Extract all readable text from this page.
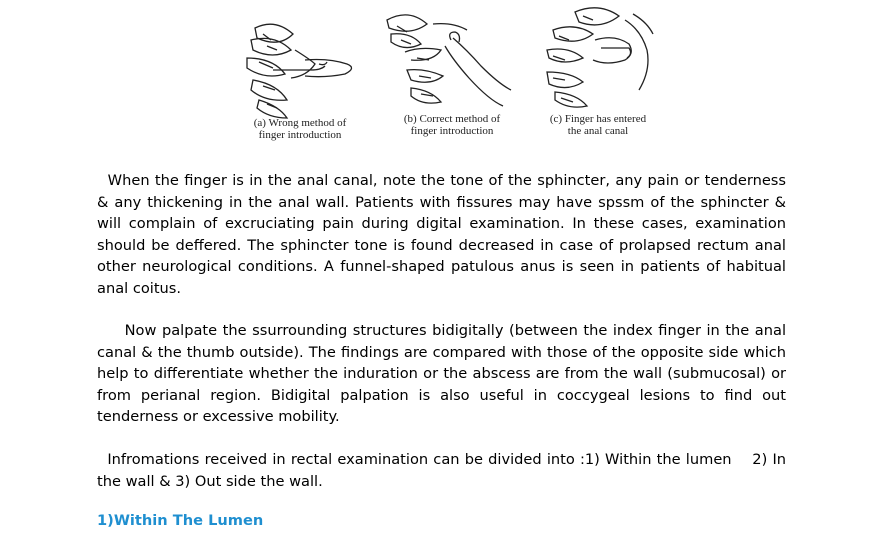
(a) Wrong method of
finger introduction
(b) Correct method of
finger introduction
(c) Finger has entered
the anal canal

When the finger is in the anal canal, note the tone of the sphincter, any pain or tenderness & any thickening in the anal wall. Patients with fissures may have spssm of the sphincter & will complain of excruciating pain during digital examination. In these cases, examination should be deffered. The sphincter tone is found decreased in case of prolapsed rectum anal other neurological conditions. A funnel-shaped patulous anus is seen in patients of habitual anal coitus.

Now palpate the ssurrounding structures bidigitally (between the index finger in the anal canal & the thumb outside). The findings are compared with those of the opposite side which help to differentiate whether the induration or the abscess are from the wall (submucosal) or from perianal region. Bidigital palpation is also useful in coccygeal lesions to find out tenderness or excessive mobility.

Infromations received in rectal examination can be divided into :1) Within the lumen    2) In the wall & 3) Out side the wall.

1)Within The Lumen
